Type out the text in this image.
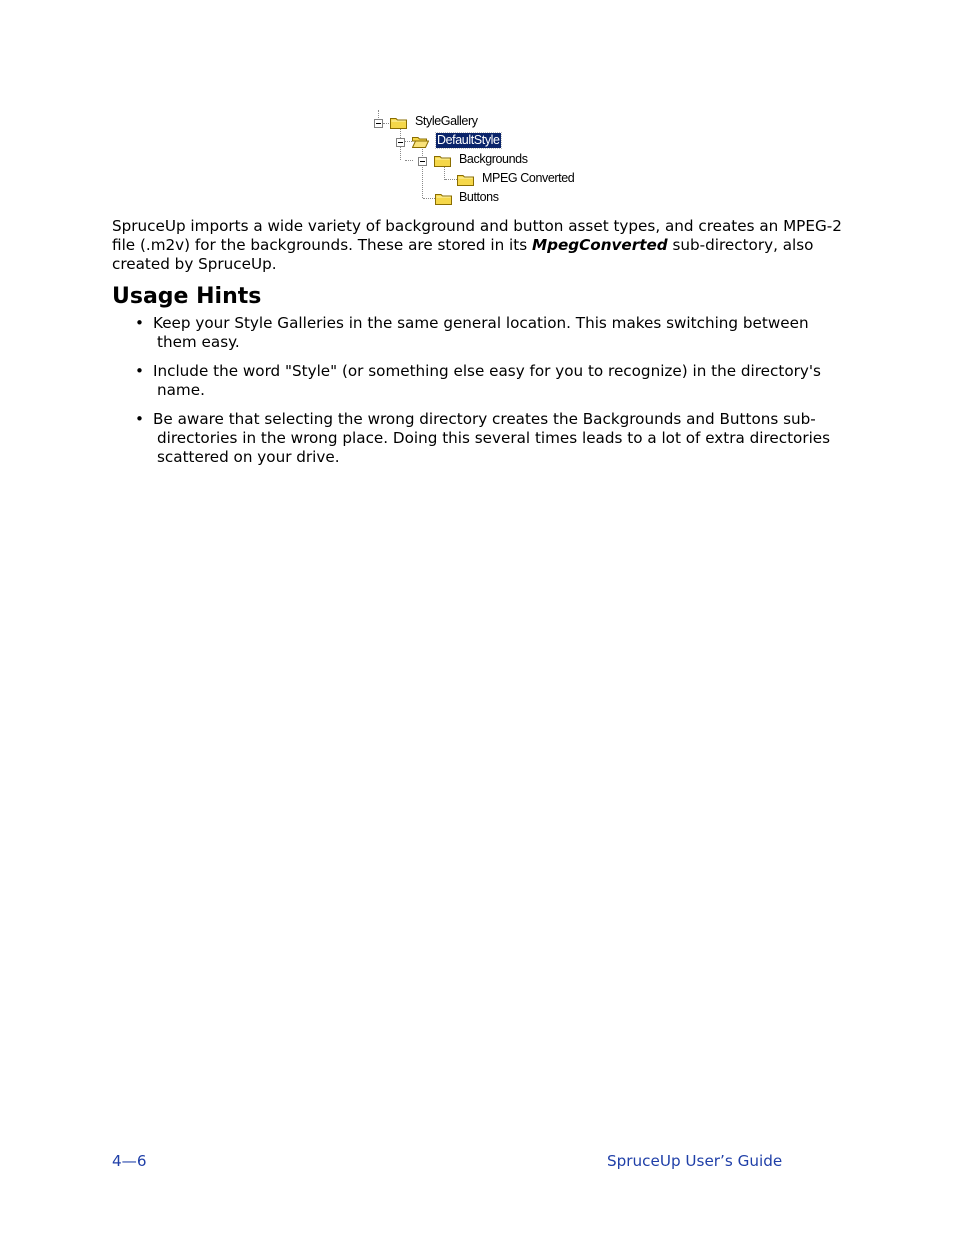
StyleGallery
DefaultStyle
Backgrounds
MPEG Converted
Buttons

SpruceUp imports a wide variety of background and button asset types, and creates an MPEG-2 file (.m2v) for the backgrounds. These are stored in its MpegConverted sub-directory, also created by SpruceUp.

Usage Hints
• Keep your Style Galleries in the same general location. This makes switching between them easy.
• Include the word "Style" (or something else easy for you to recognize) in the directory's name.
• Be aware that selecting the wrong directory creates the Backgrounds and Buttons sub-directories in the wrong place. Doing this several times leads to a lot of extra directories scattered on your drive.
4—6	SpruceUp User’s Guide
